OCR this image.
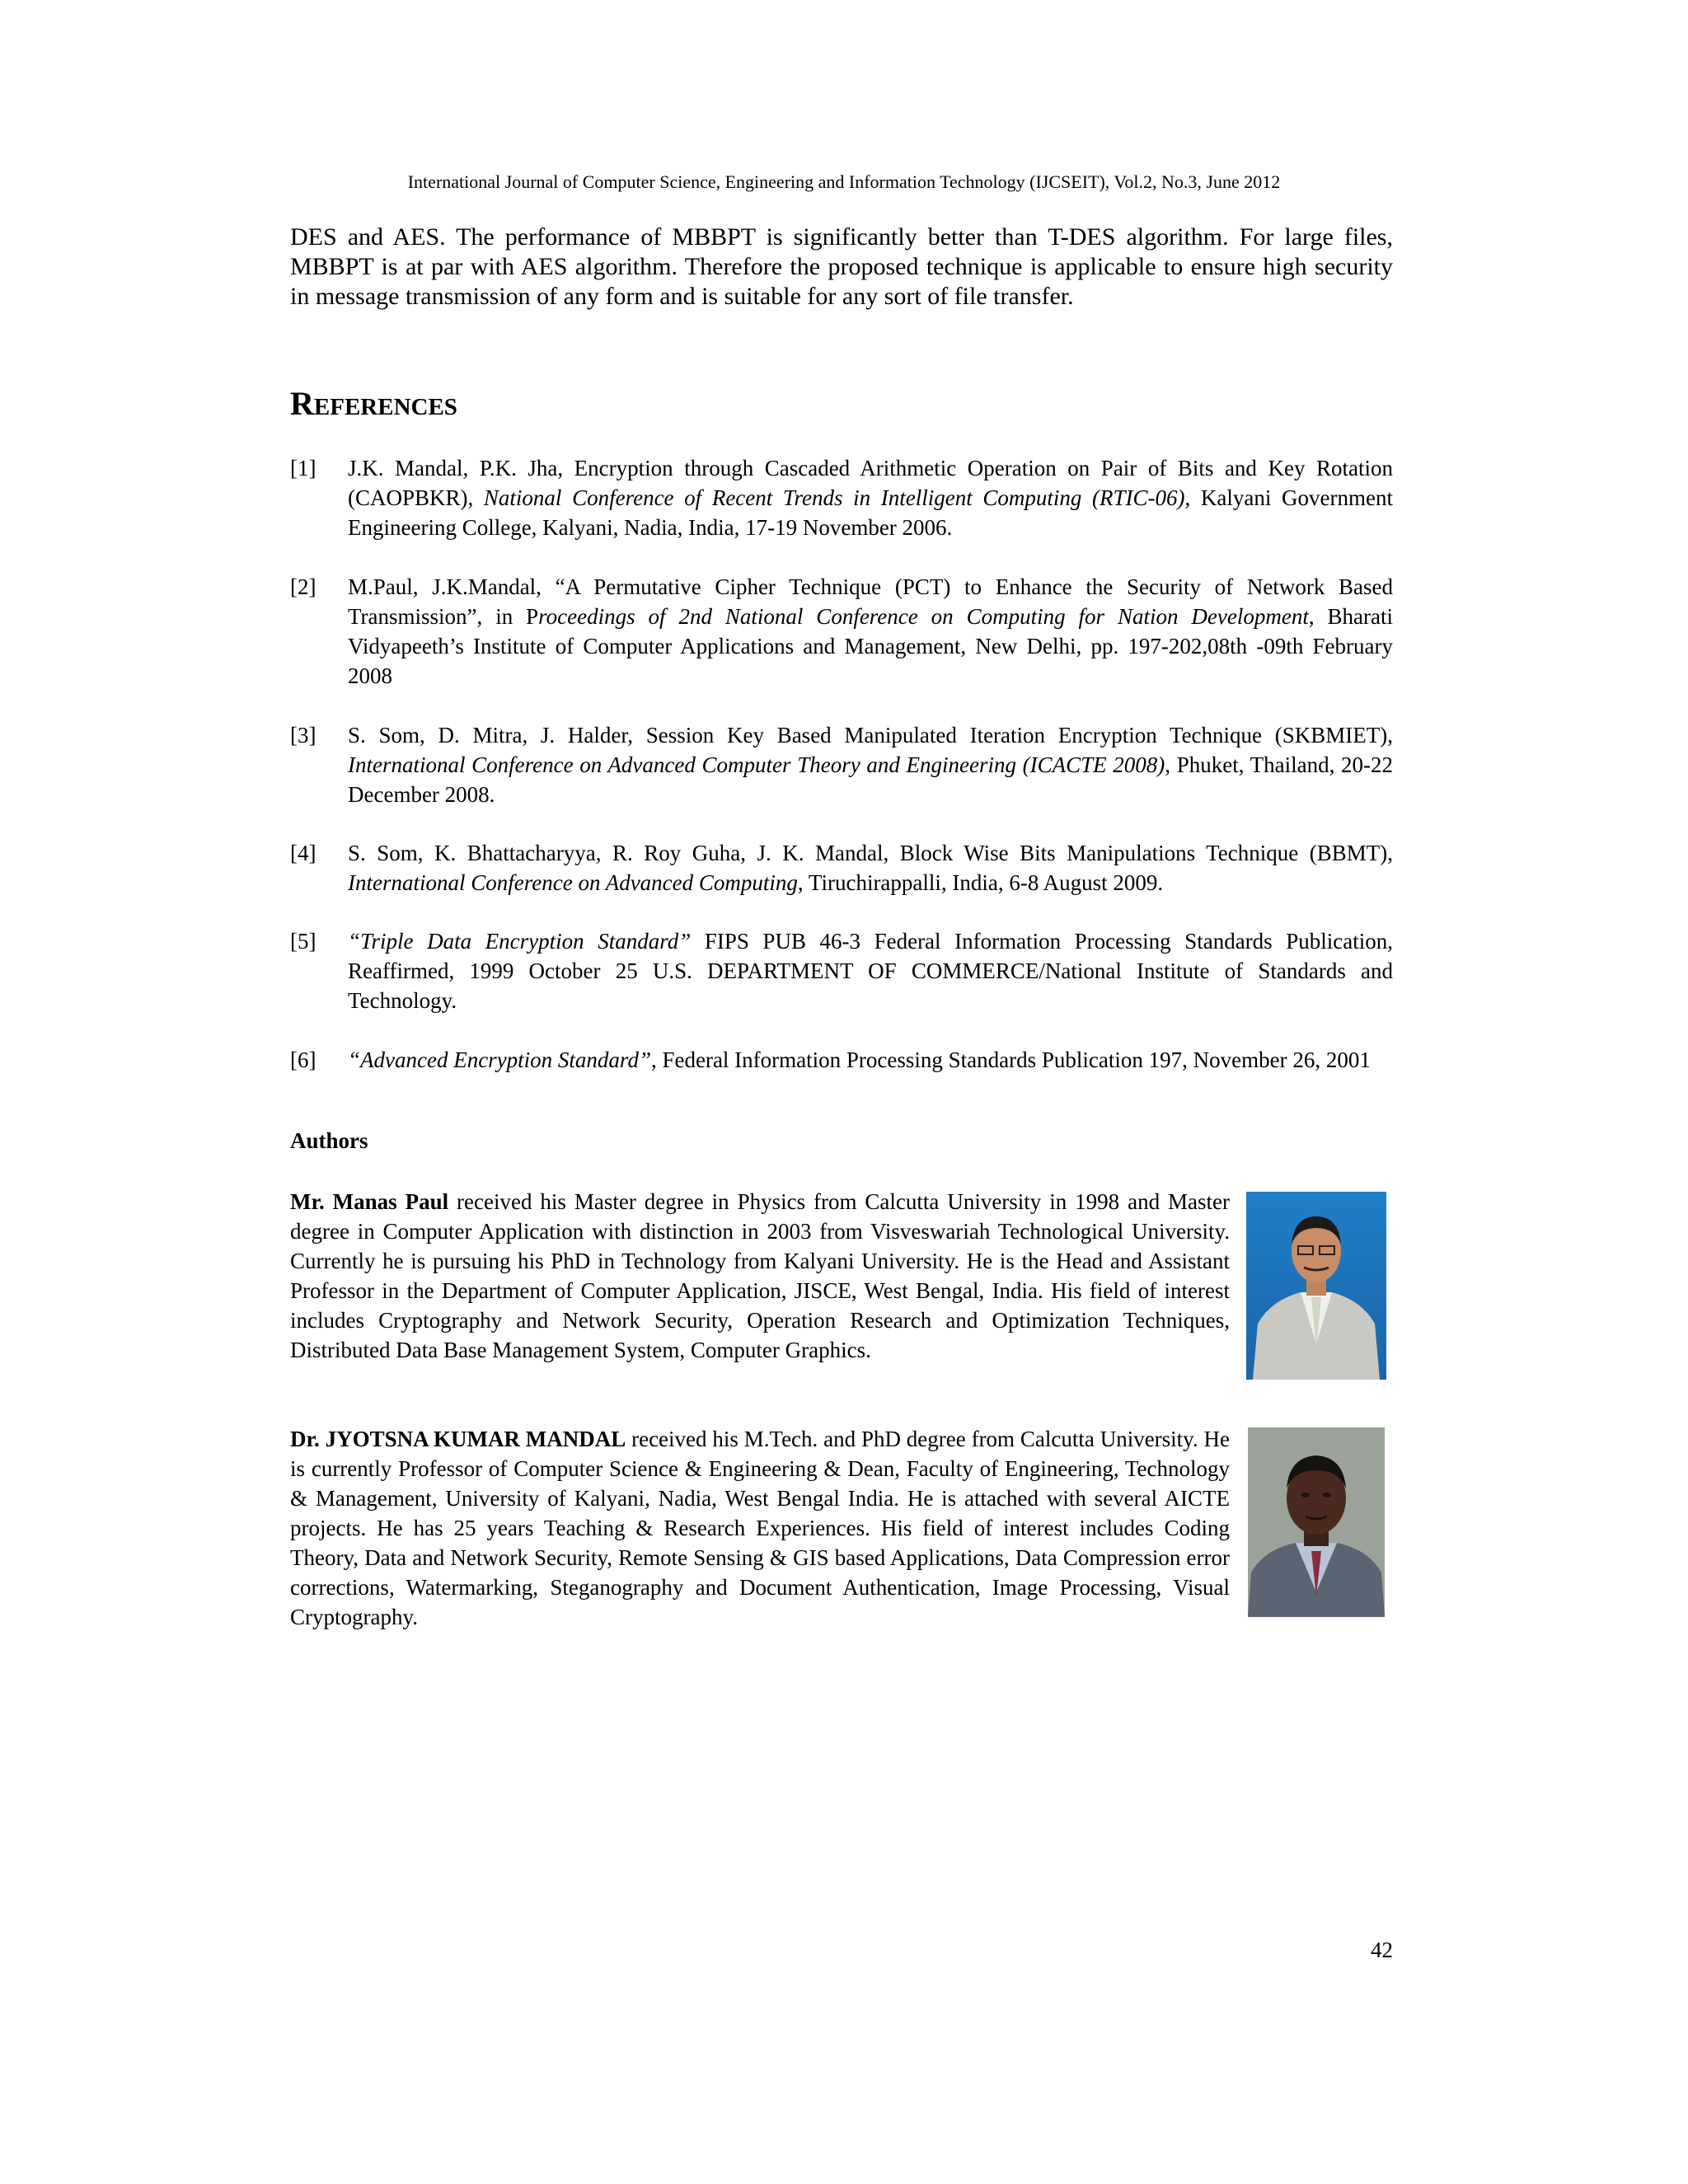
International Journal of Computer Science, Engineering and Information Technology (IJCSEIT), Vol.2, No.3, June 2012

DES and AES. The performance of MBBPT is significantly better than T-DES algorithm. For large files, MBBPT is at par with AES algorithm. Therefore the proposed technique is applicable to ensure high security in message transmission of any form and is suitable for any sort of file transfer.

REFERENCES
[1] J.K. Mandal, P.K. Jha, Encryption through Cascaded Arithmetic Operation on Pair of Bits and Key Rotation (CAOPBKR), National Conference of Recent Trends in Intelligent Computing (RTIC-06), Kalyani Government Engineering College, Kalyani, Nadia, India, 17-19 November 2006.
[2] M.Paul, J.K.Mandal, “A Permutative Cipher Technique (PCT) to Enhance the Security of Network Based Transmission”, in Proceedings of 2nd National Conference on Computing for Nation Development, Bharati Vidyapeeth’s Institute of Computer Applications and Management, New Delhi, pp. 197-202,08th -09th February 2008
[3] S. Som, D. Mitra, J. Halder, Session Key Based Manipulated Iteration Encryption Technique (SKBMIET), International Conference on Advanced Computer Theory and Engineering (ICACTE 2008), Phuket, Thailand, 20-22 December 2008.
[4] S. Som, K. Bhattacharyya, R. Roy Guha, J. K. Mandal, Block Wise Bits Manipulations Technique (BBMT), International Conference on Advanced Computing, Tiruchirappalli, India, 6-8 August 2009.
[5] “Triple Data Encryption Standard” FIPS PUB 46-3 Federal Information Processing Standards Publication, Reaffirmed, 1999 October 25 U.S. DEPARTMENT OF COMMERCE/National Institute of Standards and Technology.
[6] “Advanced Encryption Standard”, Federal Information Processing Standards Publication 197, November 26, 2001
Authors

Mr. Manas Paul received his Master degree in Physics from Calcutta University in 1998 and Master degree in Computer Application with distinction in 2003 from Visveswariah Technological University. Currently he is pursuing his PhD in Technology from Kalyani University. He is the Head and Assistant Professor in the Department of Computer Application, JISCE, West Bengal, India. His field of interest includes Cryptography and Network Security, Operation Research and Optimization Techniques, Distributed Data Base Management System, Computer Graphics.

Dr. JYOTSNA KUMAR MANDAL received his M.Tech. and PhD degree from Calcutta University. He is currently Professor of Computer Science & Engineering & Dean, Faculty of Engineering, Technology & Management, University of Kalyani, Nadia, West Bengal India. He is attached with several AICTE projects. He has 25 years Teaching & Research Experiences. His field of interest includes Coding Theory, Data and Network Security, Remote Sensing & GIS based Applications, Data Compression error corrections, Watermarking, Steganography and Document Authentication, Image Processing, Visual Cryptography.

42
